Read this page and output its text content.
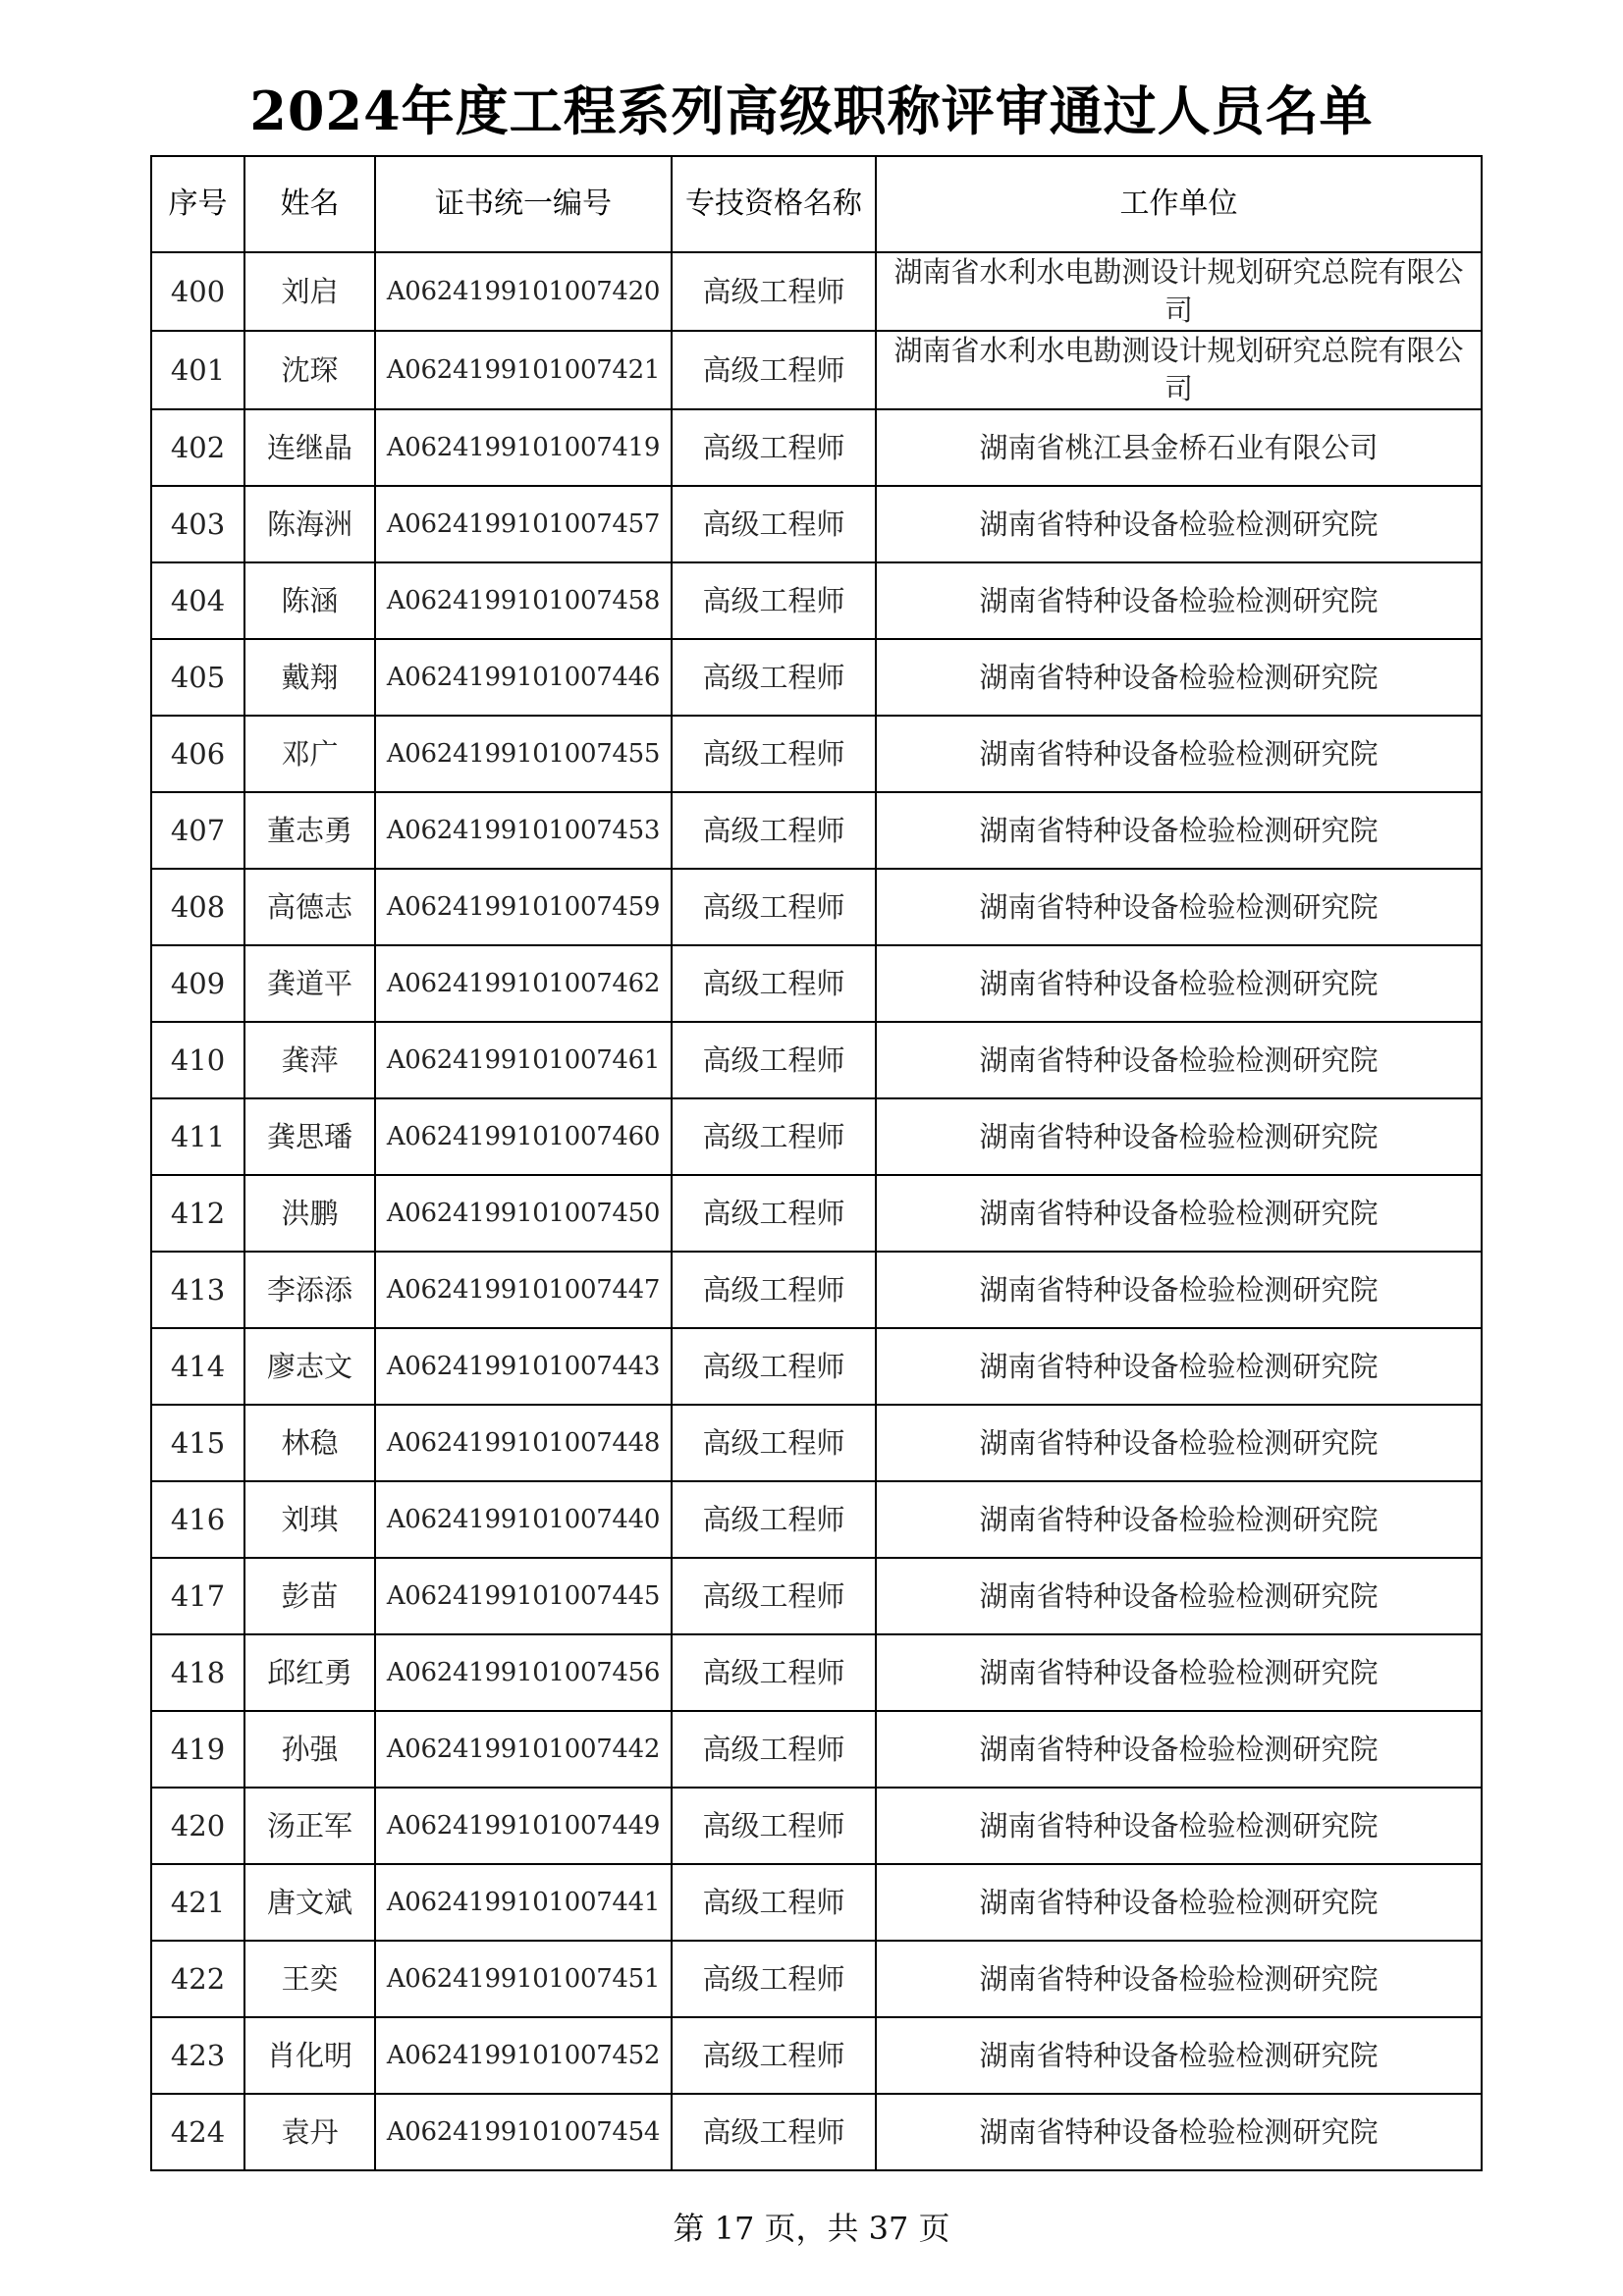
2024年度工程系列高级职称评审通过人员名单
序号	姓名	证书统一编号	专技资格名称	工作单位
400	刘启	A0624199101007420	高级工程师	湖南省水利水电勘测设计规划研究总院有限公司
401	沈琛	A0624199101007421	高级工程师	湖南省水利水电勘测设计规划研究总院有限公司
402	连继晶	A0624199101007419	高级工程师	湖南省桃江县金桥石业有限公司
403	陈海洲	A0624199101007457	高级工程师	湖南省特种设备检验检测研究院
404	陈涵	A0624199101007458	高级工程师	湖南省特种设备检验检测研究院
405	戴翔	A0624199101007446	高级工程师	湖南省特种设备检验检测研究院
406	邓广	A0624199101007455	高级工程师	湖南省特种设备检验检测研究院
407	董志勇	A0624199101007453	高级工程师	湖南省特种设备检验检测研究院
408	高德志	A0624199101007459	高级工程师	湖南省特种设备检验检测研究院
409	龚道平	A0624199101007462	高级工程师	湖南省特种设备检验检测研究院
410	龚萍	A0624199101007461	高级工程师	湖南省特种设备检验检测研究院
411	龚思璠	A0624199101007460	高级工程师	湖南省特种设备检验检测研究院
412	洪鹏	A0624199101007450	高级工程师	湖南省特种设备检验检测研究院
413	李添添	A0624199101007447	高级工程师	湖南省特种设备检验检测研究院
414	廖志文	A0624199101007443	高级工程师	湖南省特种设备检验检测研究院
415	林稳	A0624199101007448	高级工程师	湖南省特种设备检验检测研究院
416	刘琪	A0624199101007440	高级工程师	湖南省特种设备检验检测研究院
417	彭苗	A0624199101007445	高级工程师	湖南省特种设备检验检测研究院
418	邱红勇	A0624199101007456	高级工程师	湖南省特种设备检验检测研究院
419	孙强	A0624199101007442	高级工程师	湖南省特种设备检验检测研究院
420	汤正军	A0624199101007449	高级工程师	湖南省特种设备检验检测研究院
421	唐文斌	A0624199101007441	高级工程师	湖南省特种设备检验检测研究院
422	王奕	A0624199101007451	高级工程师	湖南省特种设备检验检测研究院
423	肖化明	A0624199101007452	高级工程师	湖南省特种设备检验检测研究院
424	袁丹	A0624199101007454	高级工程师	湖南省特种设备检验检测研究院
第 17 页，共 37 页
